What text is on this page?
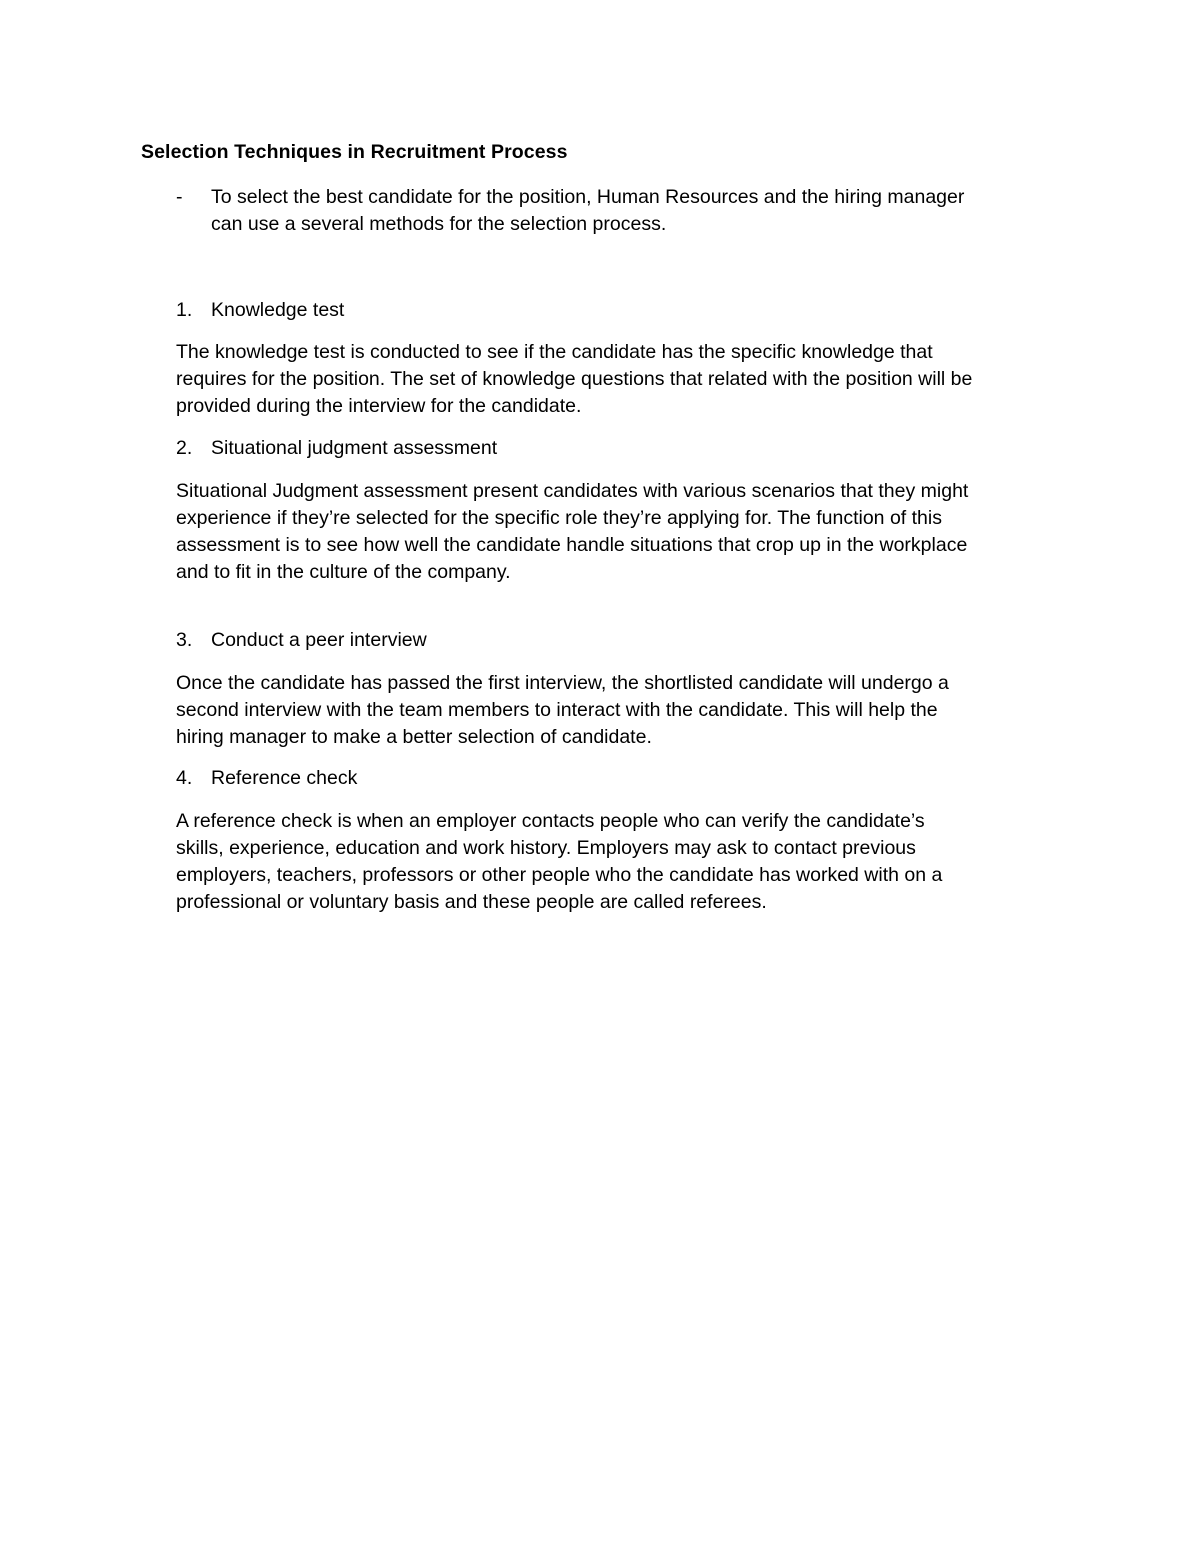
Selection Techniques in Recruitment Process
- To select the best candidate for the position, Human Resources and the hiring manager
can use a several methods for the selection process.
1. Knowledge test
The knowledge test is conducted to see if the candidate has the specific knowledge that
requires for the position. The set of knowledge questions that related with the position will be
provided during the interview for the candidate.
2. Situational judgment assessment
Situational Judgment assessment present candidates with various scenarios that they might
experience if they’re selected for the specific role they’re applying for. The function of this
assessment is to see how well the candidate handle situations that crop up in the workplace
and to fit in the culture of the company.
3. Conduct a peer interview
Once the candidate has passed the first interview, the shortlisted candidate will undergo a
second interview with the team members to interact with the candidate. This will help the
hiring manager to make a better selection of candidate.
4. Reference check
A reference check is when an employer contacts people who can verify the candidate’s
skills, experience, education and work history. Employers may ask to contact previous
employers, teachers, professors or other people who the candidate has worked with on a
professional or voluntary basis and these people are called referees.
